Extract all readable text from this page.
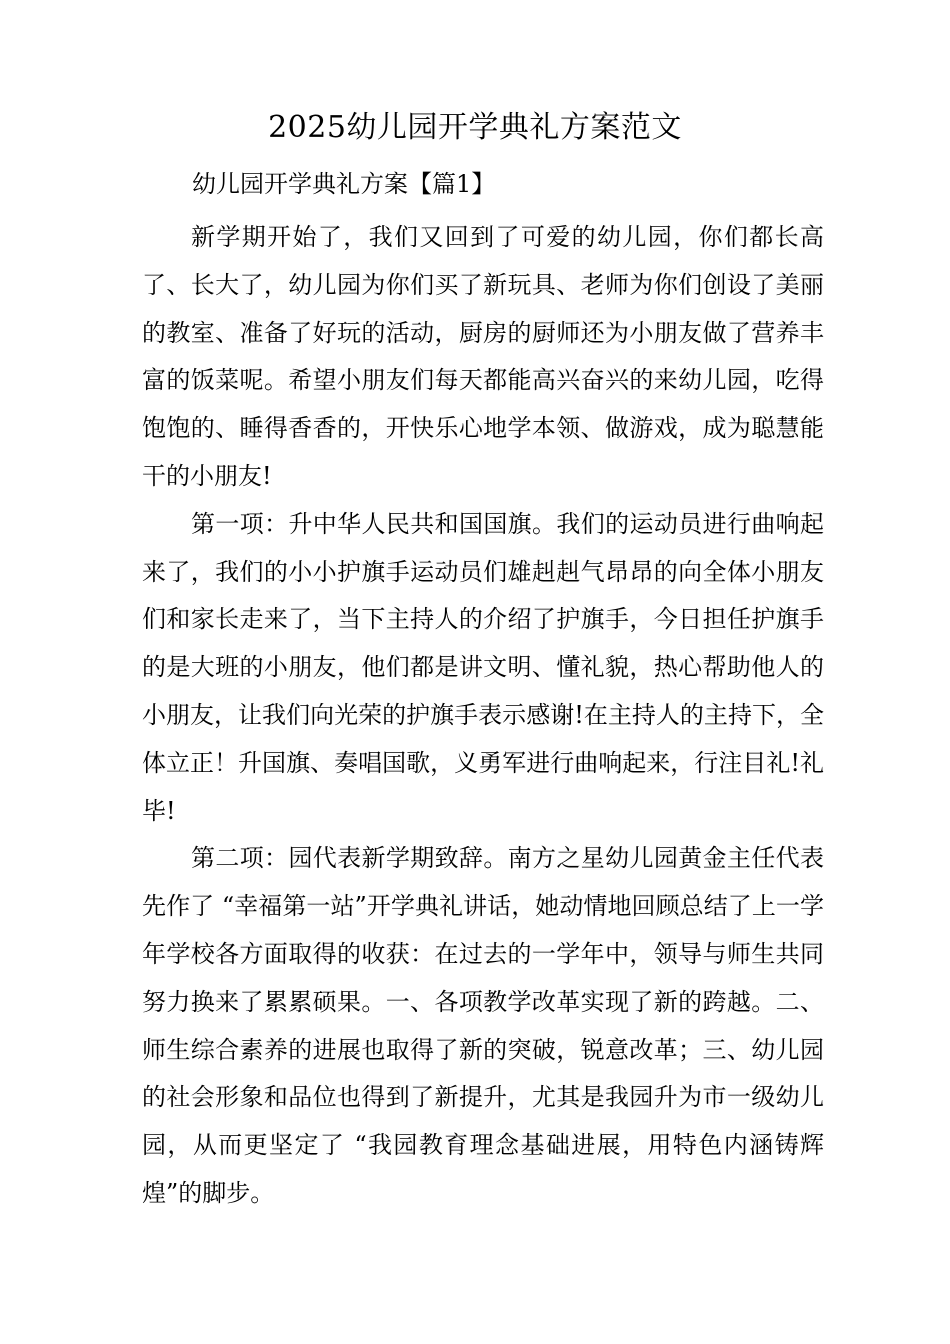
2025幼儿园开学典礼方案范文

幼儿园开学典礼方案【篇1】

新学期开始了，我们又回到了可爱的幼儿园，你们都长高了、长大了，幼儿园为你们买了新玩具、老师为你们创设了美丽的教室、准备了好玩的活动，厨房的厨师还为小朋友做了营养丰富的饭菜呢。希望小朋友们每天都能高兴奋兴的来幼儿园，吃得饱饱的、睡得香香的，开快乐心地学本领、做游戏，成为聪慧能干的小朋友!

第一项：升中华人民共和国国旗。我们的运动员进行曲响起来了，我们的小小护旗手运动员们雄赳赳气昂昂的向全体小朋友们和家长走来了，当下主持人的介绍了护旗手，今日担任护旗手的是大班的小朋友，他们都是讲文明、懂礼貌，热心帮助他人的小朋友，让我们向光荣的护旗手表示感谢!在主持人的主持下，全体立正！升国旗、奏唱国歌，义勇军进行曲响起来，行注目礼!礼毕!

第二项：园代表新学期致辞。南方之星幼儿园黄金主任代表先作了 “幸福第一站”开学典礼讲话，她动情地回顾总结了上一学年学校各方面取得的收获：在过去的一学年中，领导与师生共同努力换来了累累硕果。一、各项教学改革实现了新的跨越。二、师生综合素养的进展也取得了新的突破，锐意改革；三、幼儿园的社会形象和品位也得到了新提升，尤其是我园升为市一级幼儿园，从而更坚定了 “我园教育理念基础进展，用特色内涵铸辉煌”的脚步。
